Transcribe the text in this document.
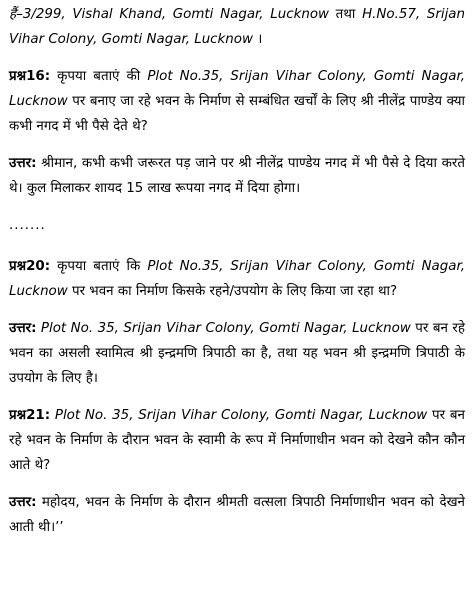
हैं–3/299, Vishal Khand, Gomti Nagar, Lucknow तथा H.No.57, Srijan Vihar Colony, Gomti Nagar, Lucknow ।

प्रश्न16: कृपया बताएं की Plot No.35, Srijan Vihar Colony, Gomti Nagar, Lucknow पर बनाए जा रहे भवन के निर्माण से सम्बंधित खर्चों के लिए श्री नीलेंद्र पाण्डेय क्या कभी नगद में भी पैसे देते थे?

उत्तर: श्रीमान, कभी कभी जरूरत पड़ जाने पर श्री नीलेंद्र पाण्डेय नगद में भी पैसे दे दिया करते थे। कुल मिलाकर शायद 15 लाख रूपया नगद में दिया होगा।

.......

प्रश्न20: कृपया बताएं कि Plot No.35, Srijan Vihar Colony, Gomti Nagar, Lucknow पर भवन का निर्माण किसके रहने/उपयोग के लिए किया जा रहा था?

उत्तर: Plot No. 35, Srijan Vihar Colony, Gomti Nagar, Lucknow पर बन रहे भवन का असली स्वामित्व श्री इन्द्रमणि त्रिपाठी का है, तथा यह भवन श्री इन्द्रमणि त्रिपाठी के उपयोग के लिए है।

प्रश्न21: Plot No. 35, Srijan Vihar Colony, Gomti Nagar, Lucknow पर बन रहे भवन के निर्माण के दौरान भवन के स्वामी के रूप में निर्माणाधीन भवन को देखने कौन कौन आते थे?

उत्तर: महोदय, भवन के निर्माण के दौरान श्रीमती वत्सला त्रिपाठी निर्माणाधीन भवन को देखने आती थी।’’
